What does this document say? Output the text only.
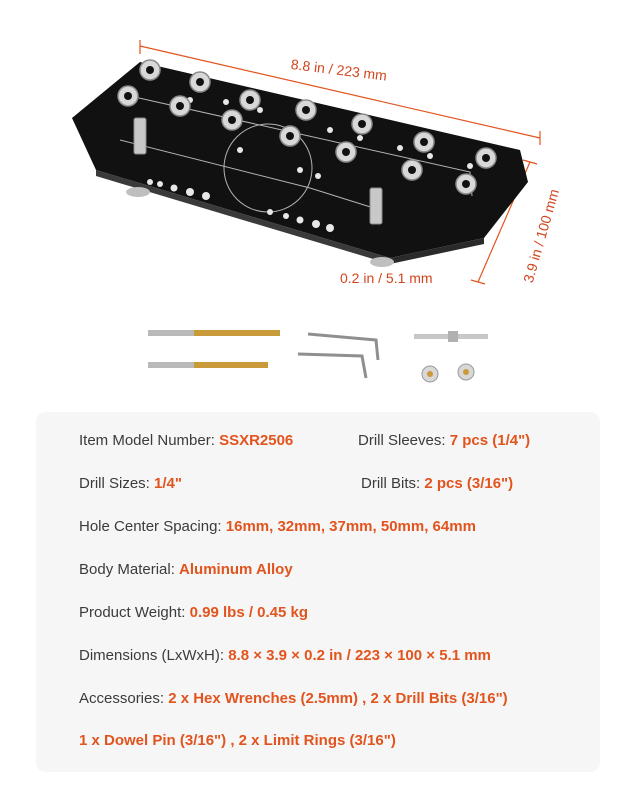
8.8 in / 223 mm
3.9 in / 100 mm
0.2 in / 5.1 mm
Item Model Number: SSXR2506	Drill Sleeves: 7 pcs (1/4")
Drill Sizes: 1/4"	Drill Bits: 2 pcs (3/16")
Hole Center Spacing: 16mm, 32mm, 37mm, 50mm, 64mm
Body Material: Aluminum Alloy
Product Weight: 0.99 lbs / 0.45 kg
Dimensions (LxWxH): 8.8 × 3.9 × 0.2 in / 223 × 100 × 5.1 mm
Accessories: 2 x Hex Wrenches (2.5mm) , 2 x Drill Bits (3/16")
1 x Dowel Pin (3/16") , 2 x Limit Rings (3/16")
